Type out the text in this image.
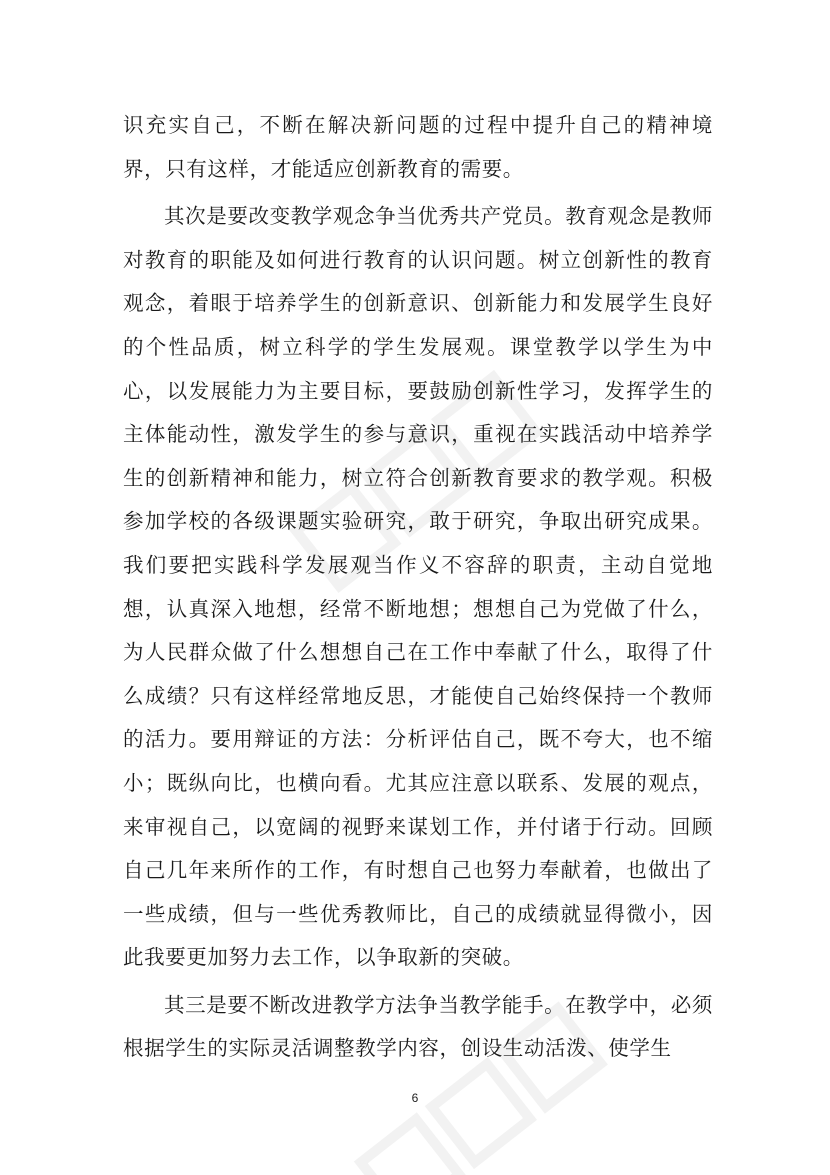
识充实自己，不断在解决新问题的过程中提升自己的精神境界，只有这样，才能适应创新教育的需要。

其次是要改变教学观念争当优秀共产党员。教育观念是教师对教育的职能及如何进行教育的认识问题。树立创新性的教育观念，着眼于培养学生的创新意识、创新能力和发展学生良好的个性品质，树立科学的学生发展观。课堂教学以学生为中心，以发展能力为主要目标，要鼓励创新性学习，发挥学生的主体能动性，激发学生的参与意识，重视在实践活动中培养学生的创新精神和能力，树立符合创新教育要求的教学观。积极参加学校的各级课题实验研究，敢于研究，争取出研究成果。我们要把实践科学发展观当作义不容辞的职责，主动自觉地想，认真深入地想，经常不断地想；想想自己为党做了什么，为人民群众做了什么想想自己在工作中奉献了什么，取得了什么成绩？只有这样经常地反思，才能使自己始终保持一个教师的活力。要用辩证的方法：分析评估自己，既不夸大，也不缩小；既纵向比，也横向看。尤其应注意以联系、发展的观点，来审视自己，以宽阔的视野来谋划工作，并付诸于行动。回顾自己几年来所作的工作，有时想自己也努力奉献着，也做出了一些成绩，但与一些优秀教师比，自己的成绩就显得微小，因此我要更加努力去工作，以争取新的突破。

其三是要不断改进教学方法争当教学能手。在教学中，必须根据学生的实际灵活调整教学内容，创设生动活泼、使学生

6
